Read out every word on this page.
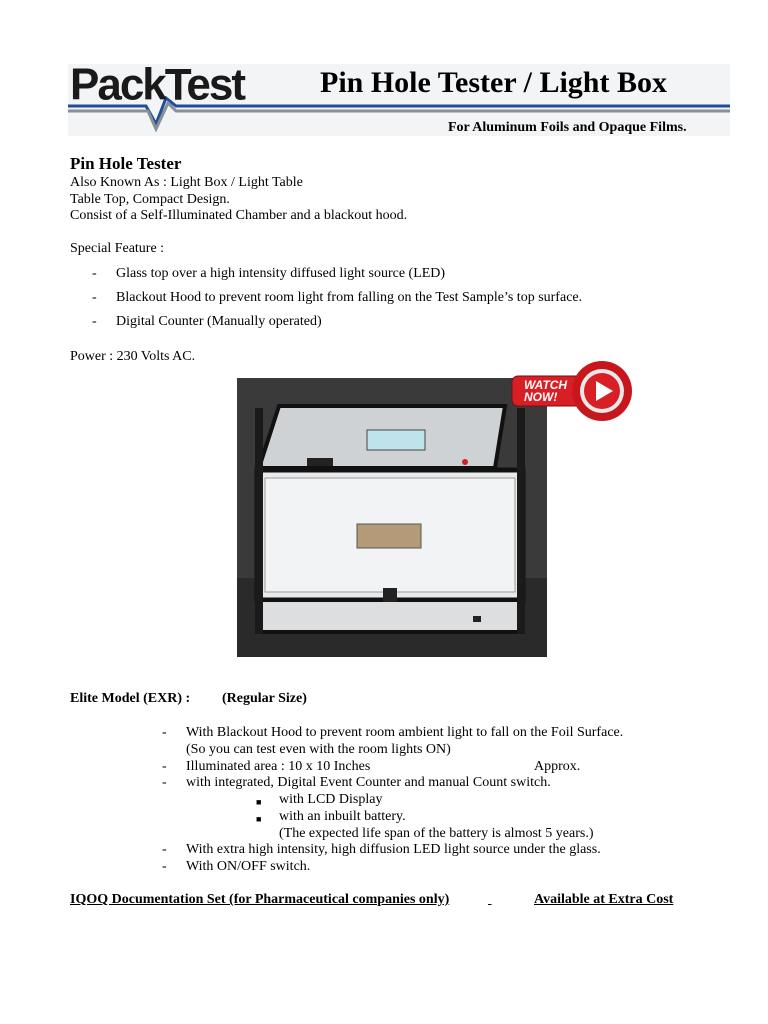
PackTest	Pin Hole Tester / Light Box
For Aluminum Foils and Opaque Films.
Pin Hole Tester
Also Known As : Light Box / Light Table
Table Top, Compact Design.
Consist of a Self-Illuminated Chamber and a blackout hood.
Special Feature :
- Glass top over a high intensity diffused light source (LED)
- Blackout Hood to prevent room light from falling on the Test Sample’s top surface.
- Digital Counter (Manually operated)
Power : 230 Volts AC.
WATCH
NOW!
Elite Model (EXR) : (Regular Size)
- With Blackout Hood to prevent room ambient light to fall on the Foil Surface.
(So you can test even with the room lights ON)
- Illuminated area : 10 x 10 Inches	Approx.
- with integrated, Digital Event Counter and manual Count switch.
■ with LCD Display
■ with an inbuilt battery.
(The expected life span of the battery is almost 5 years.)
- With extra high intensity, high diffusion LED light source under the glass.
- With ON/OFF switch.
IQOQ Documentation Set (for Pharmaceutical companies only)
	Available at Extra Cost
